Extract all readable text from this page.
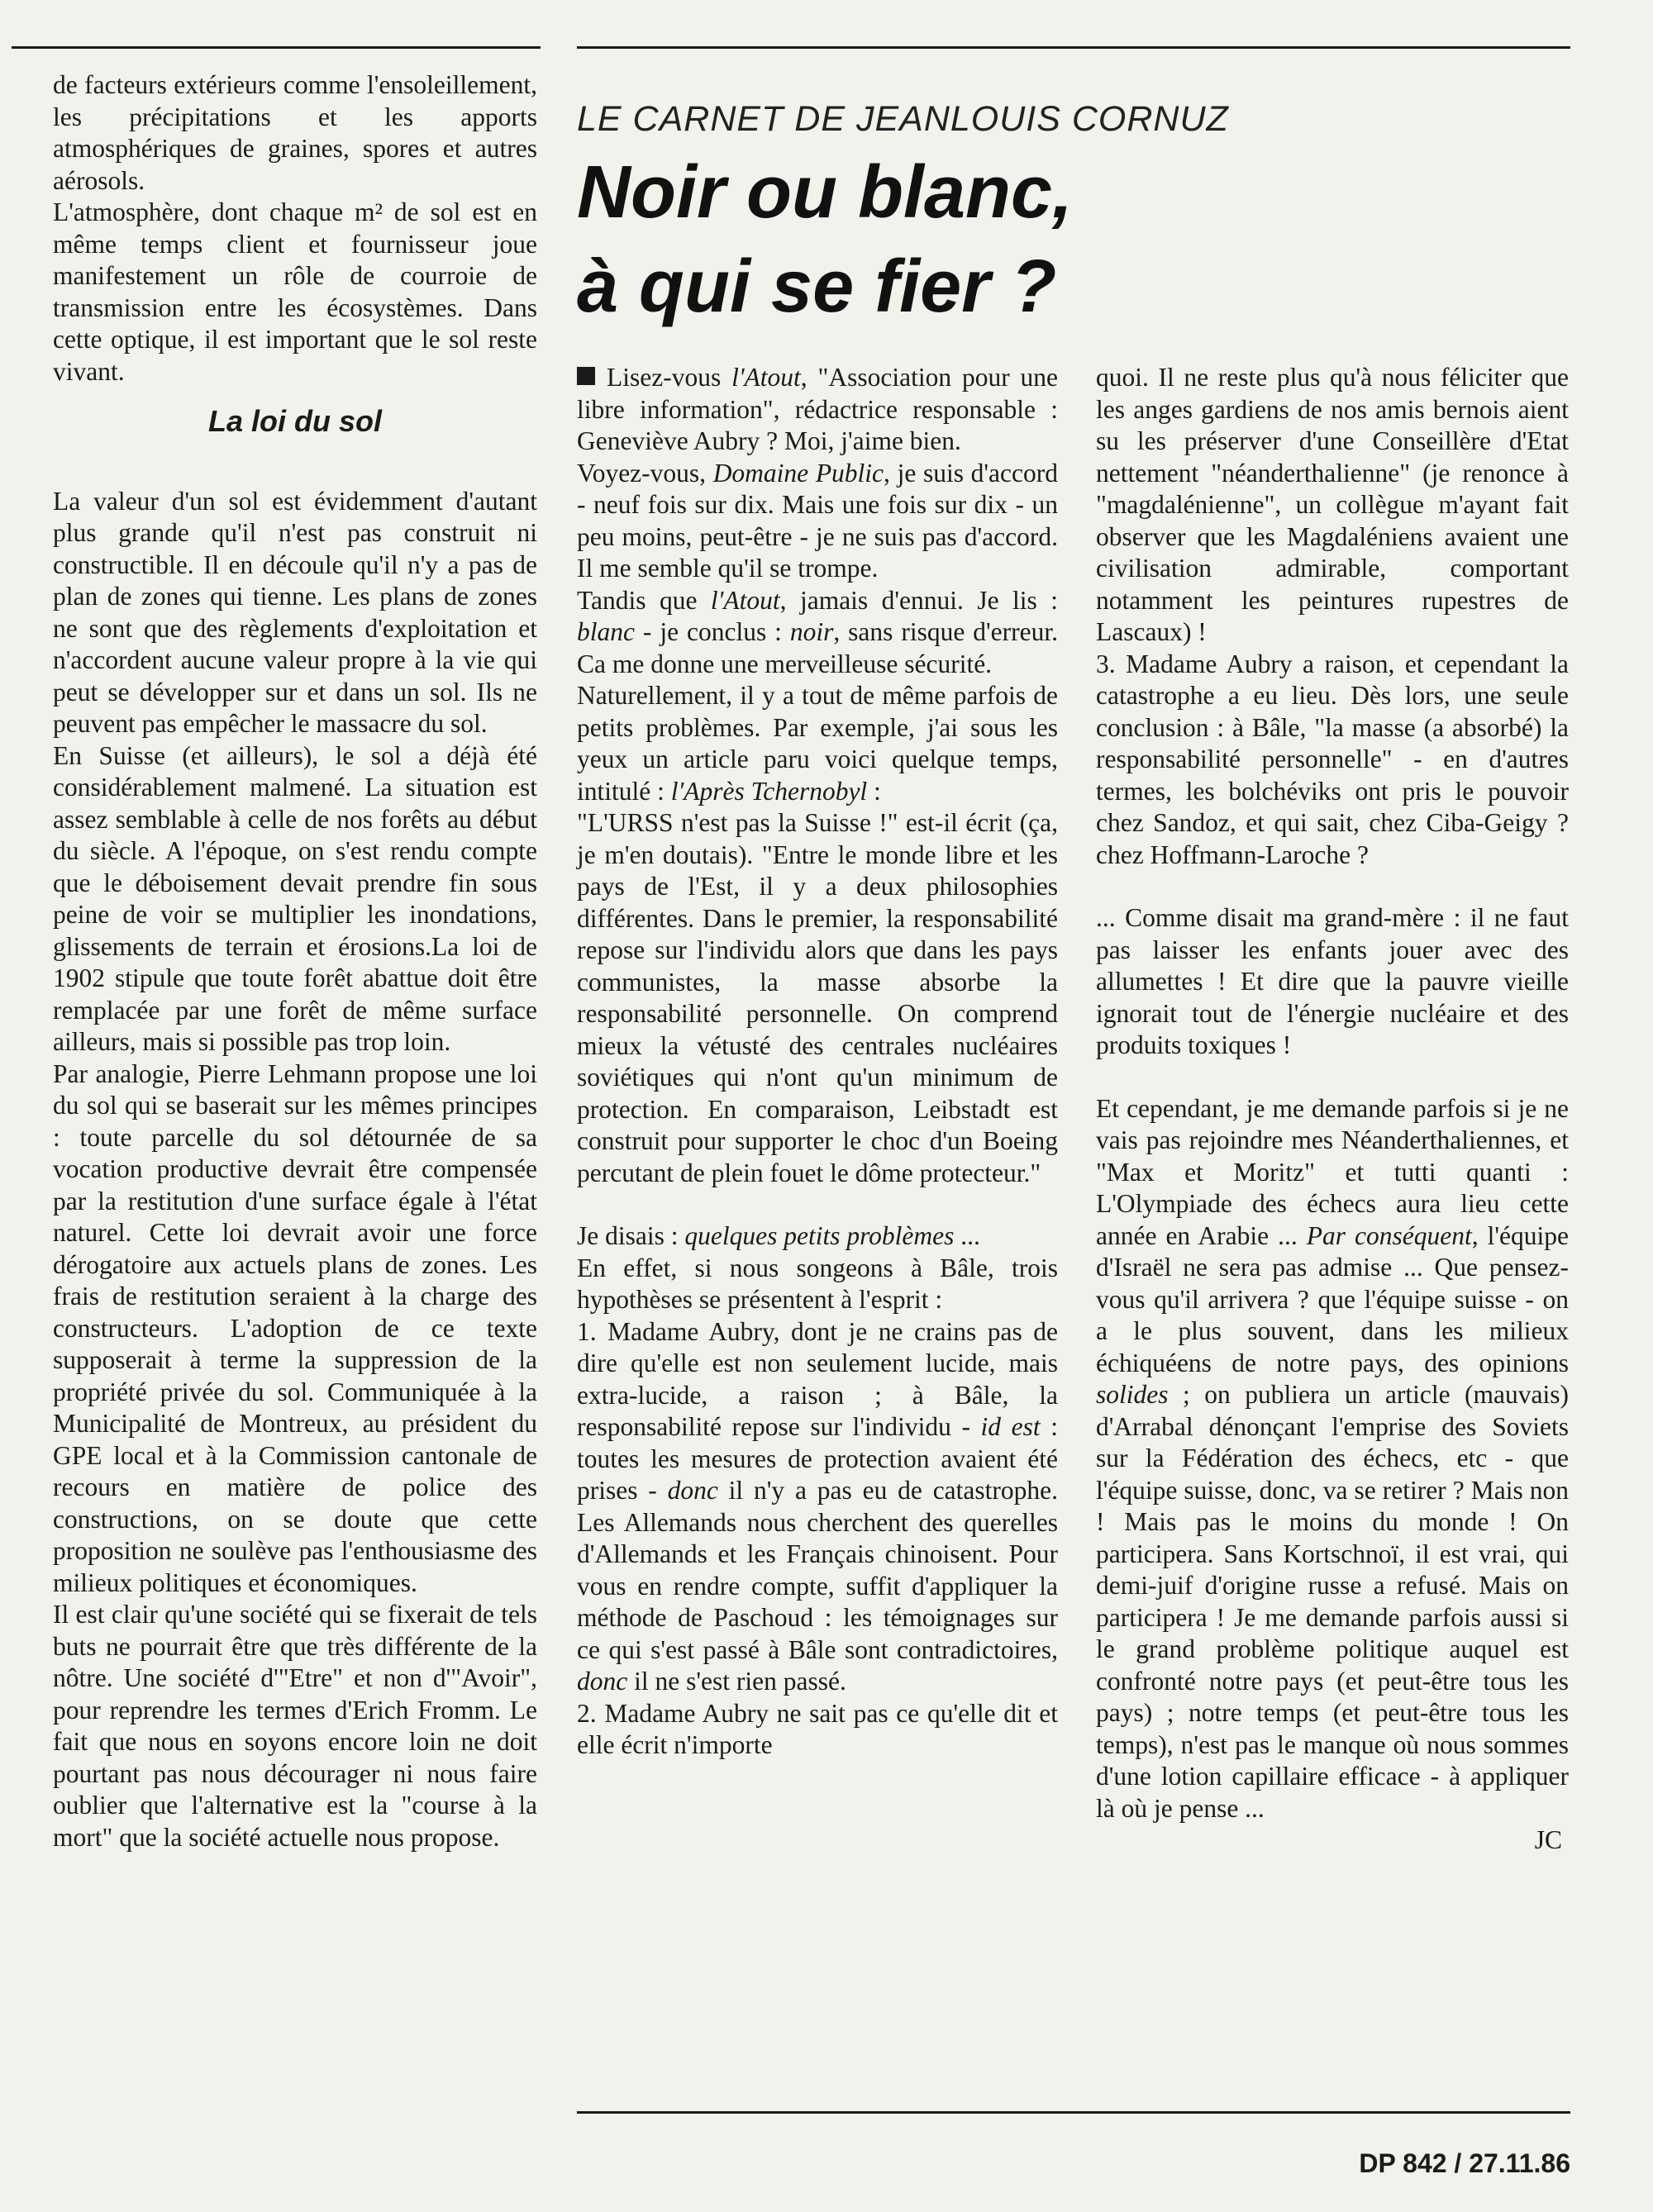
de facteurs extérieurs comme l'ensoleillement, les précipitations et les apports atmosphériques de graines, spores et autres aérosols.

L'atmosphère, dont chaque m² de sol est en même temps client et fournisseur joue manifestement un rôle de courroie de transmission entre les écosystèmes. Dans cette optique, il est important que le sol reste vivant.

La loi du sol

La valeur d'un sol est évidemment d'autant plus grande qu'il n'est pas construit ni constructible. Il en découle qu'il n'y a pas de plan de zones qui tienne. Les plans de zones ne sont que des règlements d'exploitation et n'accordent aucune valeur propre à la vie qui peut se développer sur et dans un sol. Ils ne peuvent pas empêcher le massacre du sol.

En Suisse (et ailleurs), le sol a déjà été considérablement malmené. La situation est assez semblable à celle de nos forêts au début du siècle. A l'époque, on s'est rendu compte que le déboisement devait prendre fin sous peine de voir se multiplier les inondations, glissements de terrain et érosions.La loi de 1902 stipule que toute forêt abattue doit être remplacée par une forêt de même surface ailleurs, mais si possible pas trop loin.

Par analogie, Pierre Lehmann propose une loi du sol qui se baserait sur les mêmes principes : toute parcelle du sol détournée de sa vocation productive devrait être compensée par la restitution d'une surface égale à l'état naturel. Cette loi devrait avoir une force dérogatoire aux actuels plans de zones. Les frais de restitution seraient à la charge des constructeurs. L'adoption de ce texte supposerait à terme la suppression de la propriété privée du sol. Communiquée à la Municipalité de Montreux, au président du GPE local et à la Commission cantonale de recours en matière de police des constructions, on se doute que cette proposition ne soulève pas l'enthousiasme des milieux politiques et économiques.

Il est clair qu'une société qui se fixerait de tels buts ne pourrait être que très différente de la nôtre. Une société d'"Etre" et non d'"Avoir", pour reprendre les termes d'Erich Fromm. Le fait que nous en soyons encore loin ne doit pourtant pas nous décourager ni nous faire oublier que l'alternative est la "course à la mort" que la société actuelle nous propose.

LE CARNET DE JEANLOUIS CORNUZ
Noir ou blanc,
à qui se fier ?

Lisez-vous l'Atout, "Association pour une libre information", rédactrice responsable : Geneviève Aubry ? Moi, j'aime bien.

Voyez-vous, Domaine Public, je suis d'accord - neuf fois sur dix. Mais une fois sur dix - un peu moins, peut-être - je ne suis pas d'accord. Il me semble qu'il se trompe.

Tandis que l'Atout, jamais d'ennui. Je lis : blanc - je conclus : noir, sans risque d'erreur. Ca me donne une merveilleuse sécurité.

Naturellement, il y a tout de même parfois de petits problèmes. Par exemple, j'ai sous les yeux un article paru voici quelque temps, intitulé : l'Après Tchernobyl :

"L'URSS n'est pas la Suisse !" est-il écrit (ça, je m'en doutais). "Entre le monde libre et les pays de l'Est, il y a deux philosophies différentes. Dans le premier, la responsabilité repose sur l'individu alors que dans les pays communistes, la masse absorbe la responsabilité personnelle. On comprend mieux la vétusté des centrales nucléaires soviétiques qui n'ont qu'un minimum de protection. En comparaison, Leibstadt est construit pour supporter le choc d'un Boeing percutant de plein fouet le dôme protecteur."

Je disais : quelques petits problèmes ...

En effet, si nous songeons à Bâle, trois hypothèses se présentent à l'esprit :

1. Madame Aubry, dont je ne crains pas de dire qu'elle est non seulement lucide, mais extra-lucide, a raison ; à Bâle, la responsabilité repose sur l'individu - id est : toutes les mesures de protection avaient été prises - donc il n'y a pas eu de catastrophe. Les Allemands nous cherchent des querelles d'Allemands et les Français chinoisent. Pour vous en rendre compte, suffit d'appliquer la méthode de Paschoud : les témoignages sur ce qui s'est passé à Bâle sont contradictoires, donc il ne s'est rien passé.

2. Madame Aubry ne sait pas ce qu'elle dit et elle écrit n'importe

quoi. Il ne reste plus qu'à nous féliciter que les anges gardiens de nos amis bernois aient su les préserver d'une Conseillère d'Etat nettement "néanderthalienne" (je renonce à "magdalénienne", un collègue m'ayant fait observer que les Magdaléniens avaient une civilisation admirable, comportant notamment les peintures rupestres de Lascaux) !

3. Madame Aubry a raison, et cependant la catastrophe a eu lieu. Dès lors, une seule conclusion : à Bâle, "la masse (a absorbé) la responsabilité personnelle" - en d'autres termes, les bolchéviks ont pris le pouvoir chez Sandoz, et qui sait, chez Ciba-Geigy ? chez Hoffmann-Laroche ?

... Comme disait ma grand-mère : il ne faut pas laisser les enfants jouer avec des allumettes ! Et dire que la pauvre vieille ignorait tout de l'énergie nucléaire et des produits toxiques !

Et cependant, je me demande parfois si je ne vais pas rejoindre mes Néanderthaliennes, et "Max et Moritz" et tutti quanti : L'Olympiade des échecs aura lieu cette année en Arabie ... Par conséquent, l'équipe d'Israël ne sera pas admise ... Que pensez-vous qu'il arrivera ? que l'équipe suisse - on a le plus souvent, dans les milieux échiquéens de notre pays, des opinions solides ; on publiera un article (mauvais) d'Arrabal dénonçant l'emprise des Soviets sur la Fédération des échecs, etc - que l'équipe suisse, donc, va se retirer ? Mais non ! Mais pas le moins du monde ! On participera. Sans Kortschnoï, il est vrai, qui demi-juif d'origine russe a refusé. Mais on participera ! Je me demande parfois aussi si le grand problème politique auquel est confronté notre pays (et peut-être tous les pays) ; notre temps (et peut-être tous les temps), n'est pas le manque où nous sommes d'une lotion capillaire efficace - à appliquer là où je pense ...

JC

DP 842 / 27.11.86
